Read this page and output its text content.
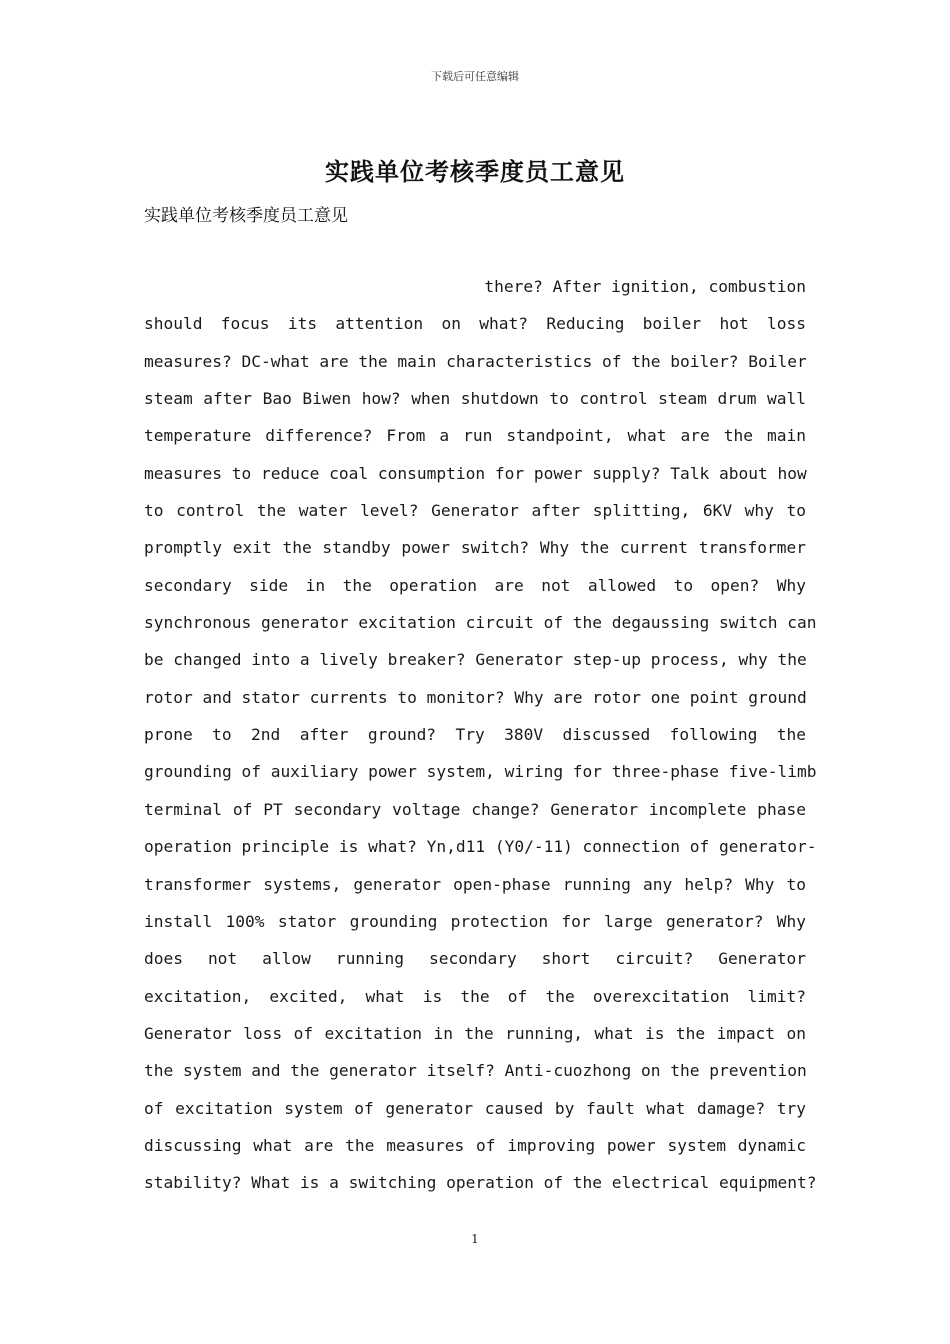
下载后可任意编辑
实践单位考核季度员工意见
实践单位考核季度员工意见
there? After ignition, combustion
should focus its attention on what? Reducing boiler hot loss
measures? DC-what are the main characteristics of the boiler? Boiler
steam after Bao Biwen how? when shutdown to control steam drum wall
temperature difference? From a run standpoint, what are the main
measures to reduce coal consumption for power supply? Talk about how
to control the water level? Generator after splitting, 6KV why to
promptly exit the standby power switch? Why the current transformer
secondary side in the operation are not allowed to open? Why
synchronous generator excitation circuit of the degaussing switch can
be changed into a lively breaker? Generator step-up process, why the
rotor and stator currents to monitor? Why are rotor one point ground
prone to 2nd after ground? Try 380V discussed following the
grounding of auxiliary power system, wiring for three-phase five-limb
terminal of PT secondary voltage change? Generator incomplete phase
operation principle is what? Yn,d11 (Y0/-11) connection of generator-
transformer systems, generator open-phase running any help? Why to
install 100% stator grounding protection for large generator? Why
does not allow running secondary short circuit? Generator
excitation, excited, what is the of the overexcitation limit?
Generator loss of excitation in the running, what is the impact on
the system and the generator itself? Anti-cuozhong on the prevention
of excitation system of generator caused by fault what damage? try
discussing what are the measures of improving power system dynamic
stability? What is a switching operation of the electrical equipment?
1
